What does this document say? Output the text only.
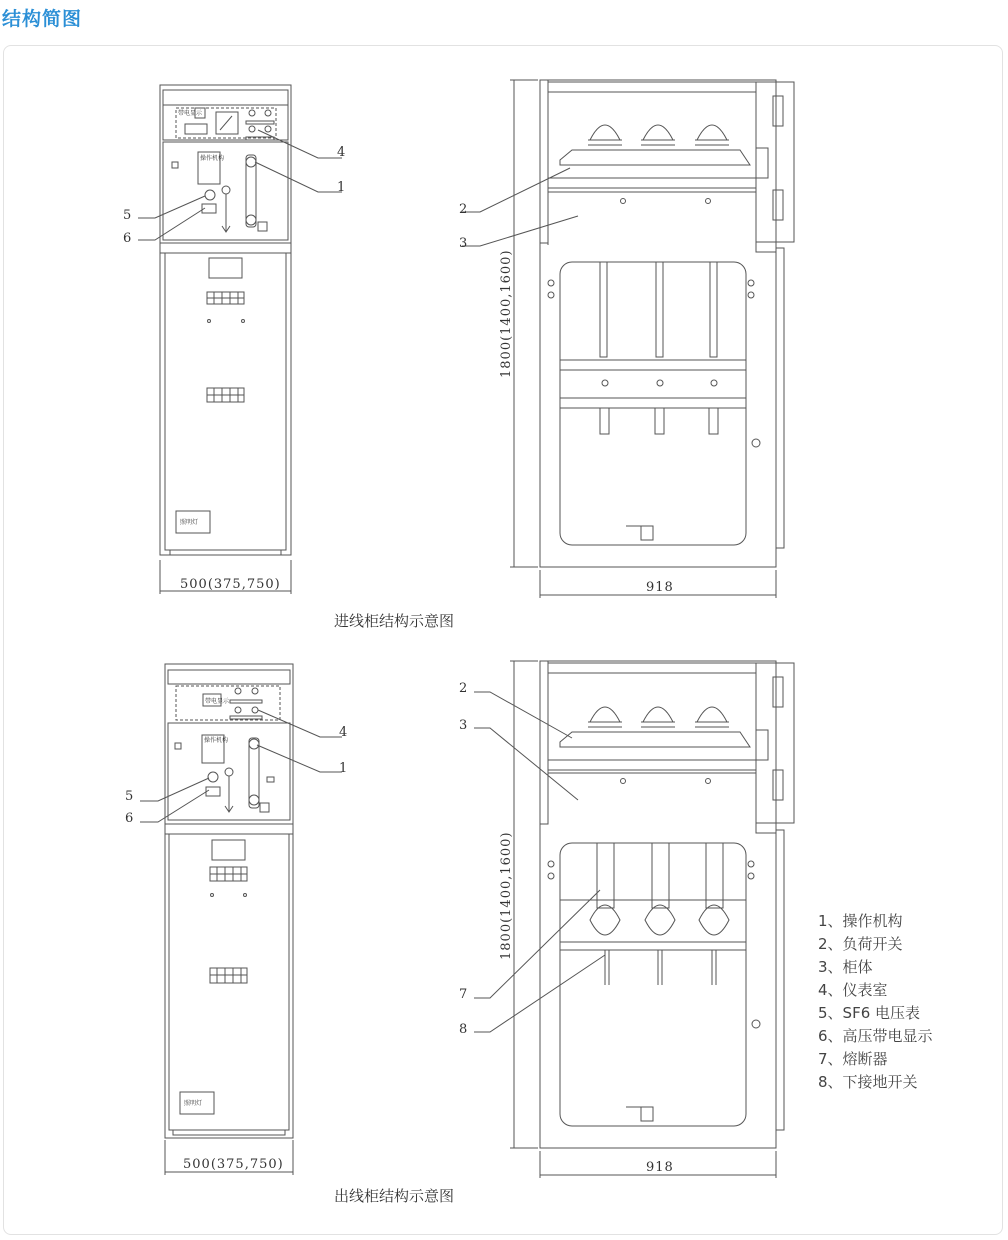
结构简图
4
1
5
6
2
3
操作机构
带电显示
照明灯
500(375,750)
1800(1400,1600)
918
进线柜结构示意图
4
1
5
6
2
3
7
8
操作机构
带电显示
照明灯
500(375,750)
1800(1400,1600)
918
出线柜结构示意图
1、操作机构
2、负荷开关
3、柜体
4、仪表室
5、SF6 电压表
6、高压带电显示
7、熔断器
8、下接地开关
